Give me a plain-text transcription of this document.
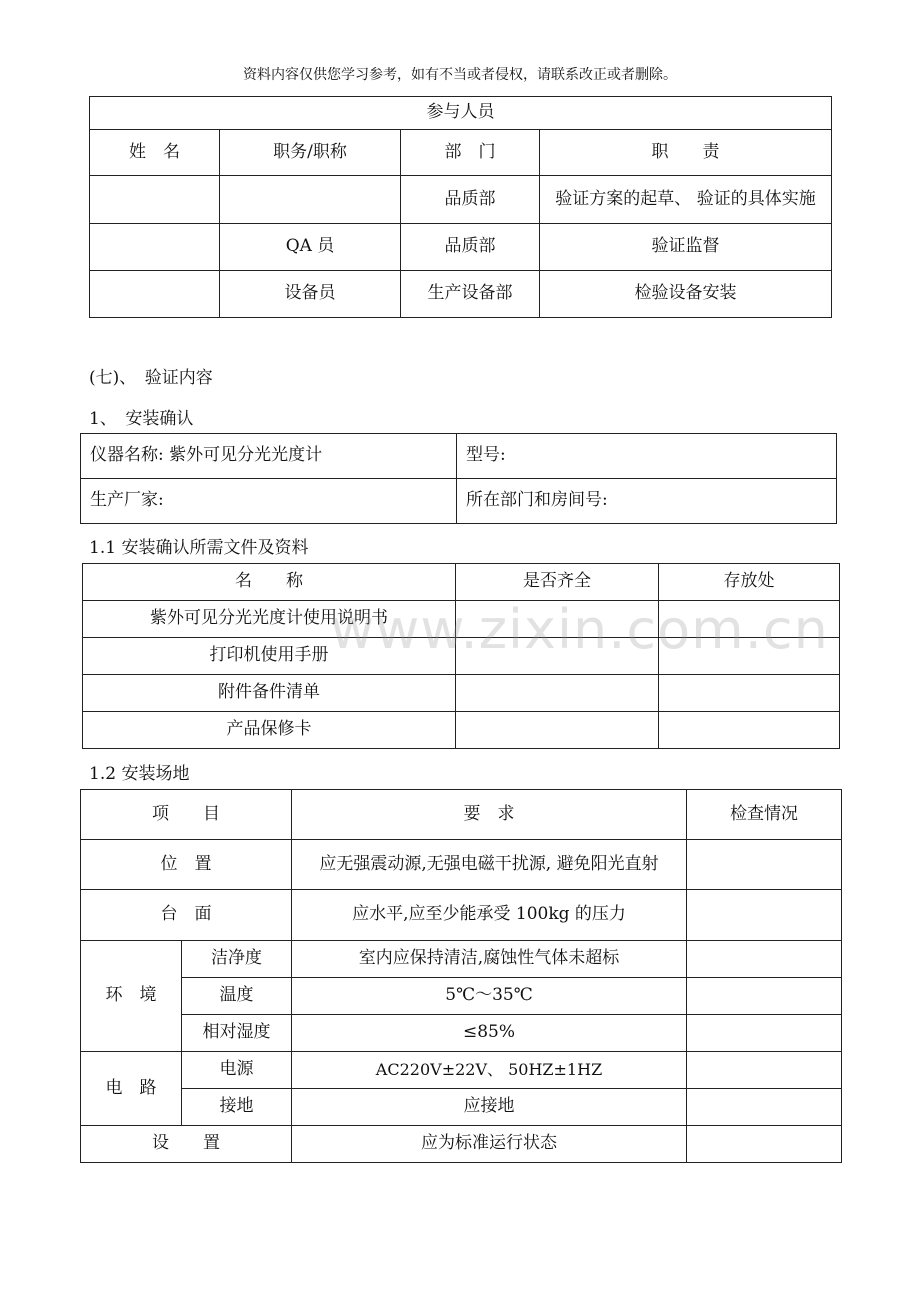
资料内容仅供您学习参考，如有不当或者侵权，请联系改正或者删除。
参与人员			
姓　名	职务/职称	部　门	职　　责
		品质部	验证方案的起草、 验证的具体实施
	QA 员	品质部	验证监督
	设备员	生产设备部	检验设备安装
(七)、　验证内容
1、　安装确认
仪器名称: 紫外可见分光光度计	型号:
生产厂家:	所在部门和房间号:
1.1 安装确认所需文件及资料
名　　称	是否齐全	存放处
紫外可见分光光度计使用说明书		
打印机使用手册		
附件备件清单		
产品保修卡		
www.zixin.com.cn
1.2 安装场地
项　　目		要　求	检查情况
位　置		应无强震动源,无强电磁干扰源, 避免阳光直射	
台　面		应水平,应至少能承受 100kg 的压力	
环　境	洁净度	室内应保持清洁,腐蚀性气体未超标	
	温度	5℃～35℃	
	相对湿度	≤85%	
电　路	电源	AC220V±22V、 50HZ±1HZ	
	接地	应接地	
设　　置		应为标准运行状态	
